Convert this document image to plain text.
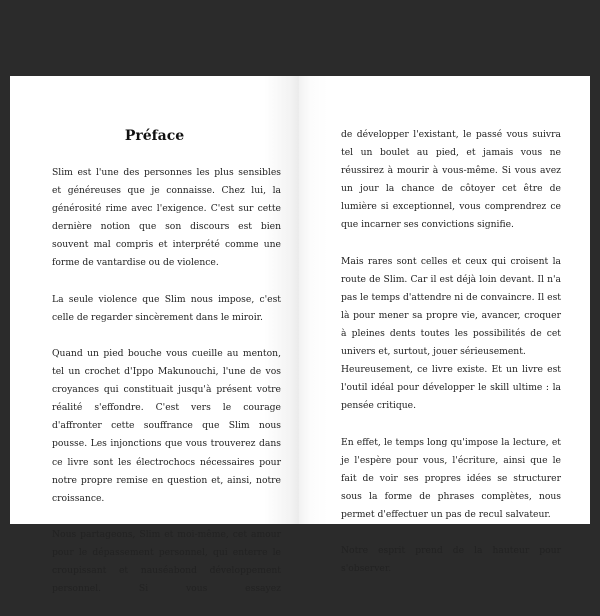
Préface

Slim est l'une des personnes les plus sensibles et généreuses que je connaisse. Chez lui, la générosité rime avec l'exigence. C'est sur cette dernière notion que son discours est bien souvent mal compris et interprété comme une forme de vantardise ou de violence.

La seule violence que Slim nous impose, c'est celle de regarder sincèrement dans le miroir.

Quand un pied bouche vous cueille au menton, tel un crochet d'Ippo Makunouchi, l'une de vos croyances qui constituait jusqu'à présent votre réalité s'effondre. C'est vers le courage d'affronter cette souffrance que Slim nous pousse. Les injonctions que vous trouverez dans ce livre sont les électrochocs nécessaires pour notre propre remise en question et, ainsi, notre croissance.

Nous partageons, Slim et moi-même, cet amour pour le dépassement personnel, qui enterre le croupissant et nauséabond développement personnel. Si vous essayez

de développer l'existant, le passé vous suivra tel un boulet au pied, et jamais vous ne réussirez à mourir à vous-même. Si vous avez un jour la chance de côtoyer cet être de lumière si exceptionnel, vous comprendrez ce que incarner ses convictions signifie.

Mais rares sont celles et ceux qui croisent la route de Slim. Car il est déjà loin devant. Il n'a pas le temps d'attendre ni de convaincre. Il est là pour mener sa propre vie, avancer, croquer à pleines dents toutes les possibilités de cet univers et, surtout, jouer sérieusement.

Heureusement, ce livre existe. Et un livre est l'outil idéal pour développer le skill ultime : la pensée critique.

En effet, le temps long qu'impose la lecture, et je l'espère pour vous, l'écriture, ainsi que le fait de voir ses propres idées se structurer sous la forme de phrases complètes, nous permet d'effectuer un pas de recul salvateur.

Notre esprit prend de la hauteur pour s'observer.
